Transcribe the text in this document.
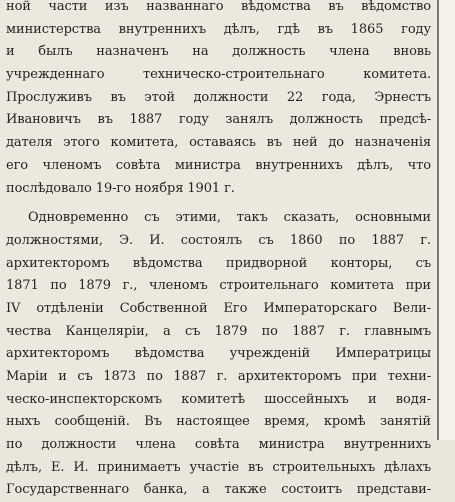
ной части изъ названнаго вѣдомства въ вѣдомство
министерства внутреннихъ дѣлъ, гдѣ въ 1865 году
и былъ назначенъ на должность члена вновь
учрежденнаго техническо-строительнаго комитета.
Прослуживъ въ этой должности 22 года, Эрнестъ
Ивановичъ въ 1887 году занялъ должность предсѣ-
дателя этого комитета, оставаясь въ ней до назначенія
его членомъ совѣта министра внутреннихъ дѣлъ, что
послѣдовало 19-го ноября 1901 г.
Одновременно съ этими, такъ сказать, основными
должностями, Э. И. состоялъ съ 1860 по 1887 г.
архитекторомъ вѣдомства придворной конторы, съ
1871 по 1879 г., членомъ строительнаго комитета при
IV отдѣленіи Собственной Его Императорскаго Вели-
чества Канцеляріи, а съ 1879 по 1887 г. главнымъ
архитекторомъ вѣдомства учрежденій Императрицы
Маріи и съ 1873 по 1887 г. архитекторомъ при техни-
ческо-инспекторскомъ комитетѣ шоссейныхъ и водя-
ныхъ сообщеній. Въ настоящее время, кромѣ занятій
по должности члена совѣта министра внутреннихъ
дѣлъ, Е. И. принимаетъ участіе въ строительныхъ дѣлахъ
Государственнаго банка, а также состоитъ представи-
